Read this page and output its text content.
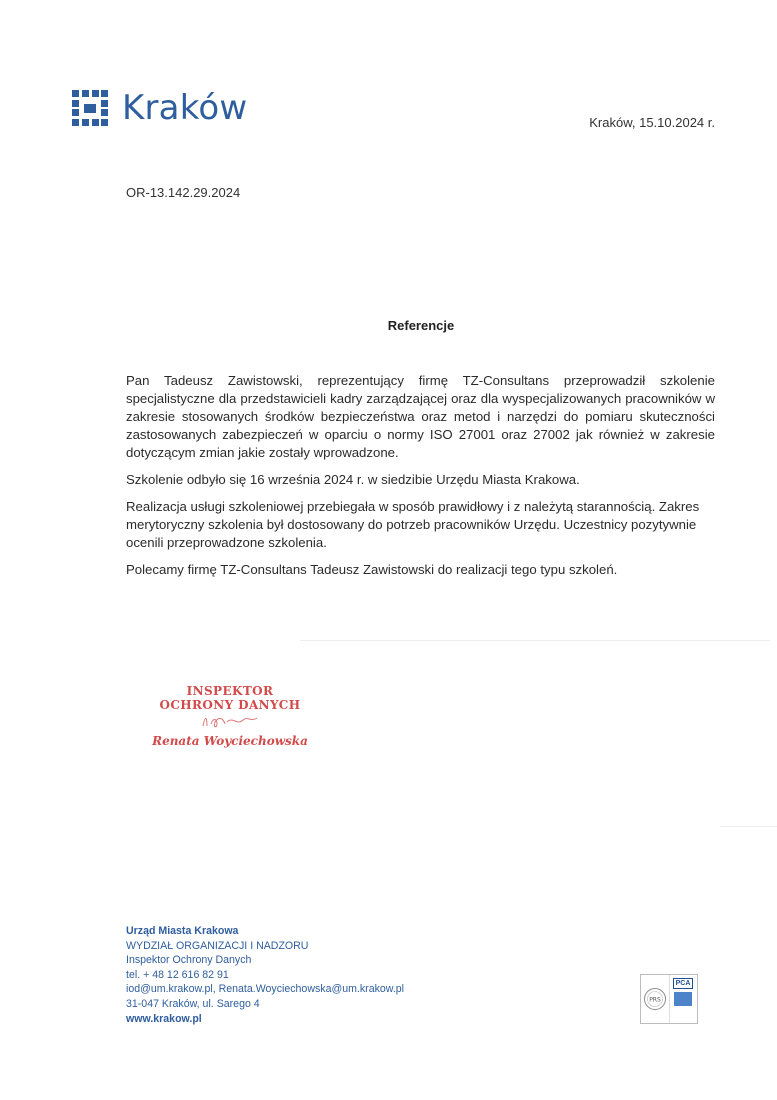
Kraków	Kraków, 15.10.2024 r.
OR-13.142.29.2024
Referencje

Pan Tadeusz Zawistowski, reprezentujący firmę TZ-Consultans przeprowadził szkolenie specjalistyczne dla przedstawicieli kadry zarządzającej oraz dla wyspecjalizowanych pracowników w zakresie stosowanych środków bezpieczeństwa oraz metod i narzędzi do pomiaru skuteczności zastosowanych zabezpieczeń w oparciu o normy ISO 27001 oraz 27002 jak również w zakresie dotyczącym zmian jakie zostały wprowadzone.

Szkolenie odbyło się 16 września 2024 r. w siedzibie Urzędu Miasta Krakowa.

Realizacja usługi szkoleniowej przebiegała w sposób prawidłowy i z należytą starannością. Zakres merytoryczny szkolenia był dostosowany do potrzeb pracowników Urzędu. Uczestnicy pozytywnie ocenili przeprowadzone szkolenia.

Polecamy firmę TZ-Consultans Tadeusz Zawistowski do realizacji tego typu szkoleń.

INSPEKTOR
OCHRONY DANYCH
Renata Woyciechowska
Urząd Miasta Krakowa
WYDZIAŁ ORGANIZACJI I NADZORU
Inspektor Ochrony Danych
tel. + 48 12 616 82 91
iod@um.krakow.pl, Renata.Woyciechowska@um.krakow.pl
31-047 Kraków, ul. Sarego 4
www.krakow.pl
PRS
PCA
